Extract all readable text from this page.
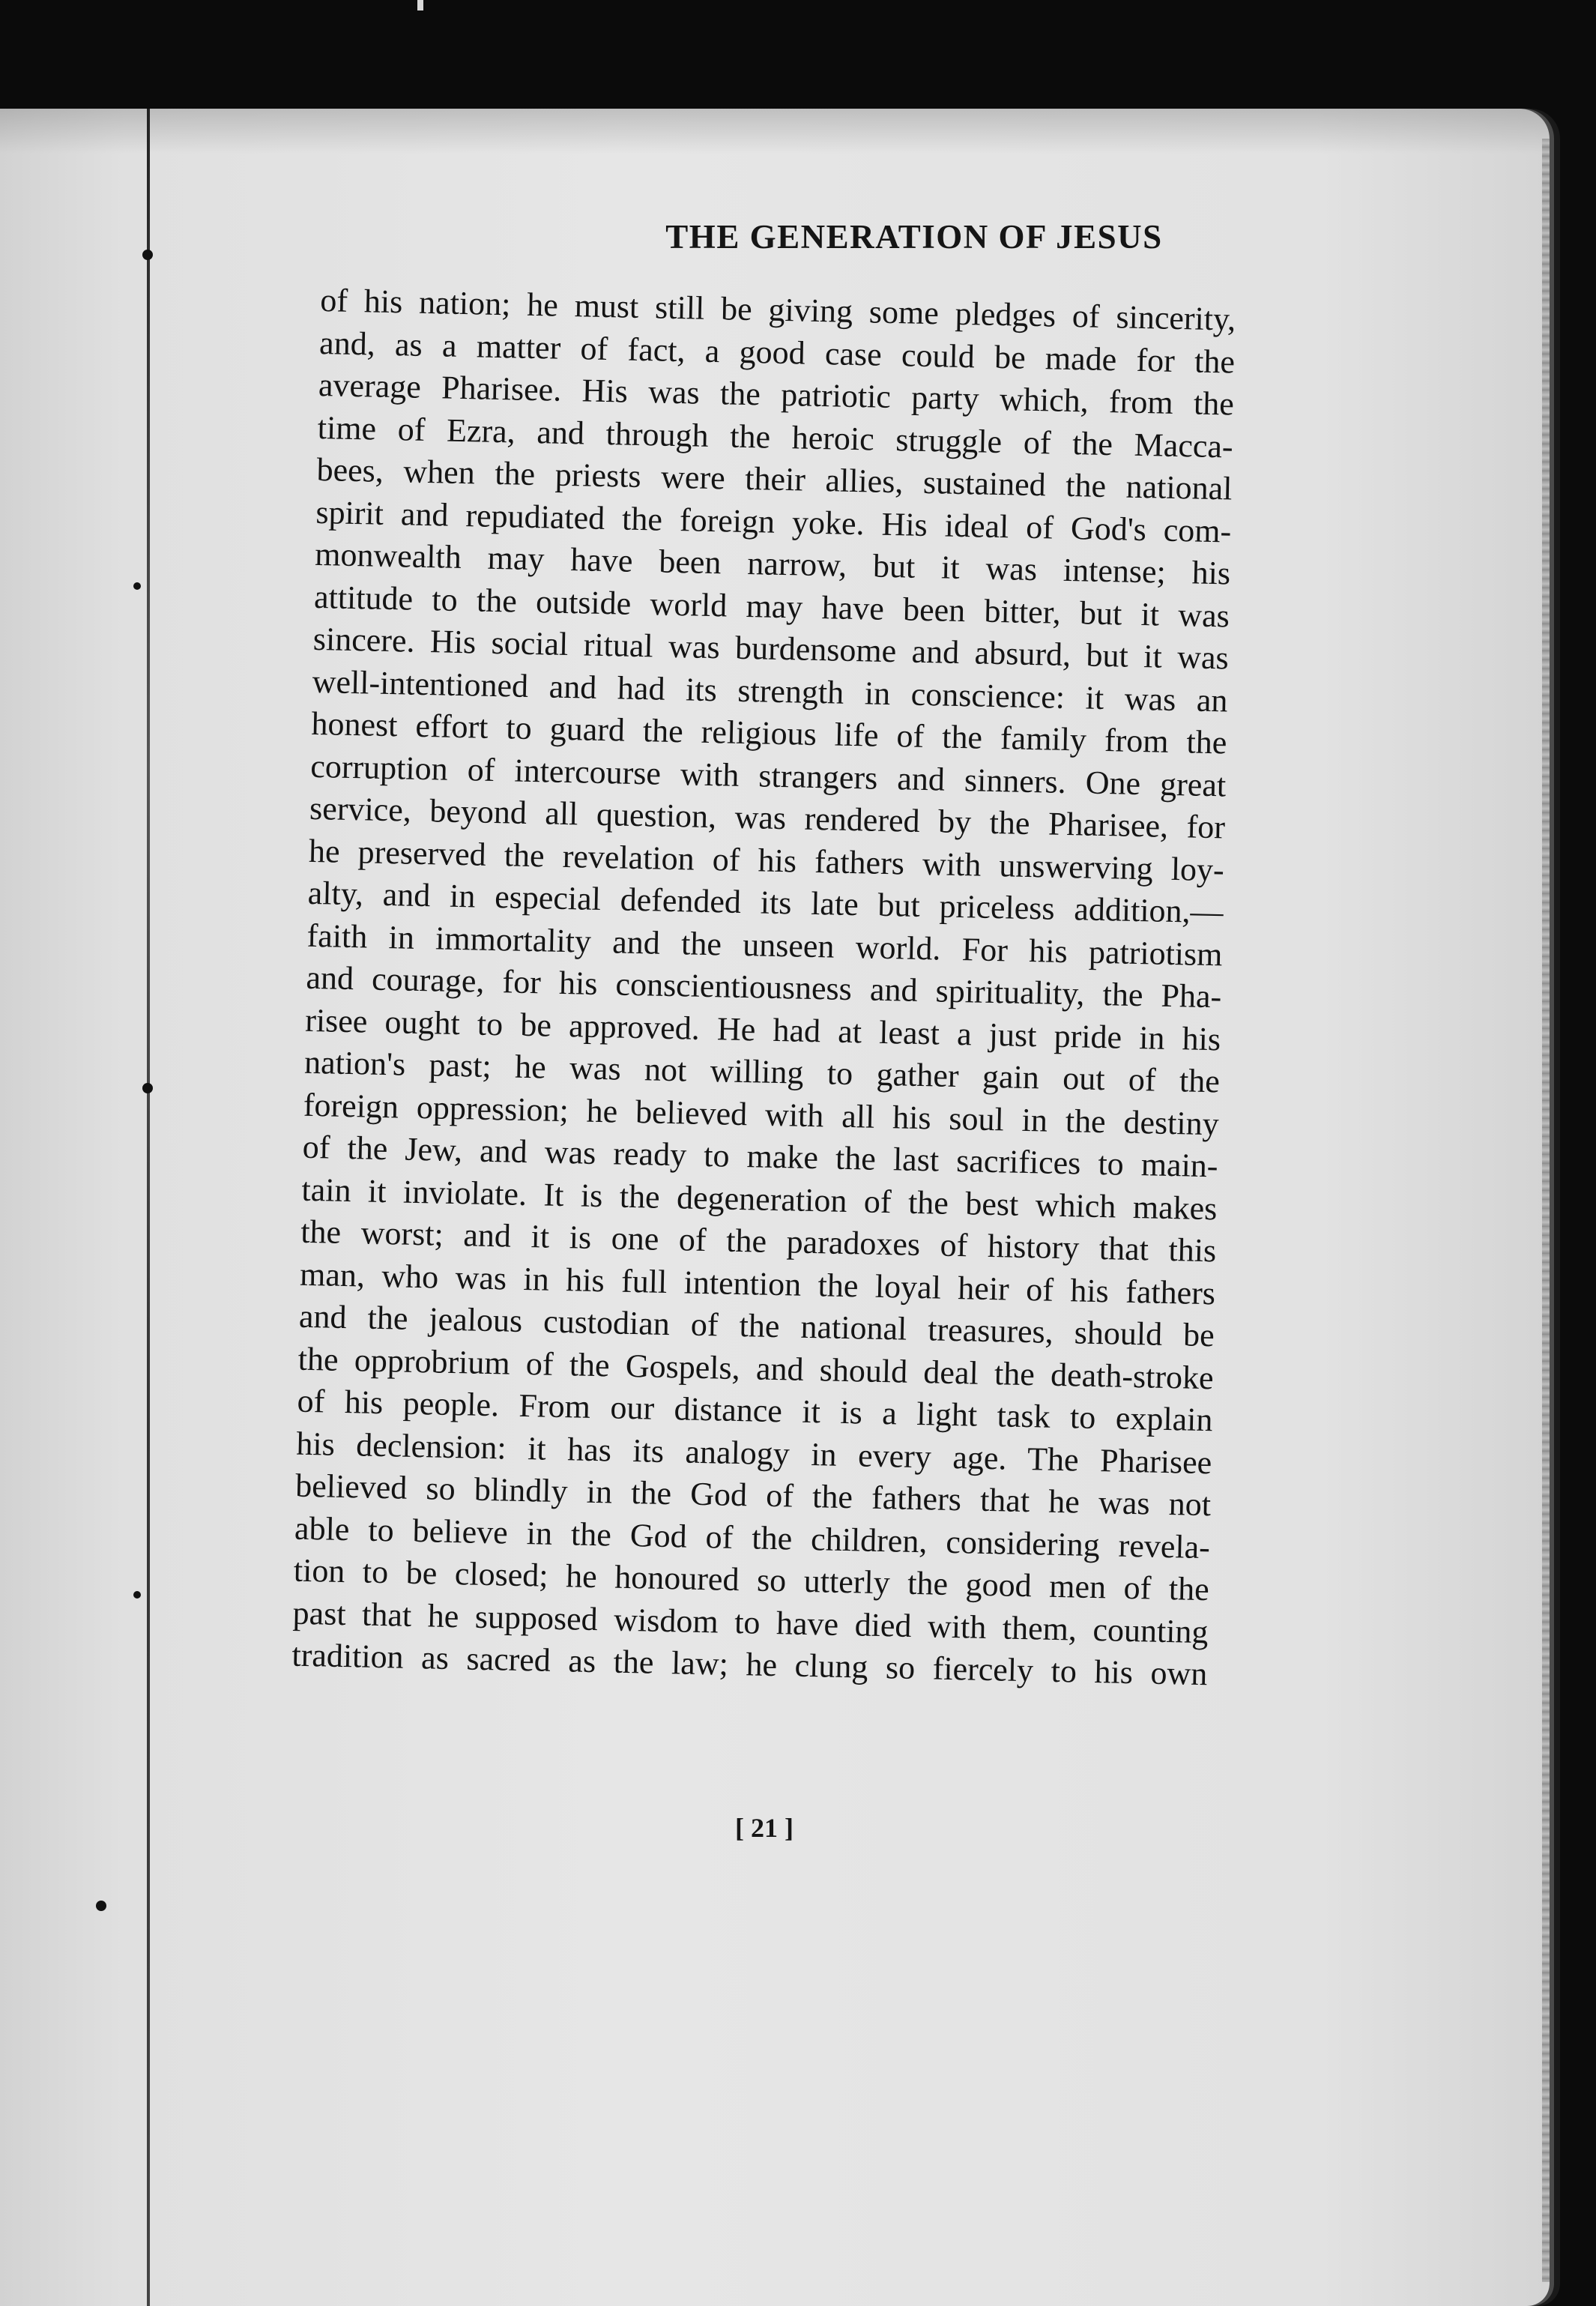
THE GENERATION OF JESUS
of his nation; he must still be giving some pledges of sincerity,
and, as a matter of fact, a good case could be made for the
average Pharisee. His was the patriotic party which, from the
time of Ezra, and through the heroic struggle of the Macca-
bees, when the priests were their allies, sustained the national
spirit and repudiated the foreign yoke. His ideal of God's com-
monwealth may have been narrow, but it was intense; his
attitude to the outside world may have been bitter, but it was
sincere. His social ritual was burdensome and absurd, but it was
well-intentioned and had its strength in conscience: it was an
honest effort to guard the religious life of the family from the
corruption of intercourse with strangers and sinners. One great
service, beyond all question, was rendered by the Pharisee, for
he preserved the revelation of his fathers with unswerving loy-
alty, and in especial defended its late but priceless addition,—
faith in immortality and the unseen world. For his patriotism
and courage, for his conscientiousness and spirituality, the Pha-
risee ought to be approved. He had at least a just pride in his
nation's past; he was not willing to gather gain out of the
foreign oppression; he believed with all his soul in the destiny
of the Jew, and was ready to make the last sacrifices to main-
tain it inviolate. It is the degeneration of the best which makes
the worst; and it is one of the paradoxes of history that this
man, who was in his full intention the loyal heir of his fathers
and the jealous custodian of the national treasures, should be
the opprobrium of the Gospels, and should deal the death-stroke
of his people. From our distance it is a light task to explain
his declension: it has its analogy in every age. The Pharisee
believed so blindly in the God of the fathers that he was not
able to believe in the God of the children, considering revela-
tion to be closed; he honoured so utterly the good men of the
past that he supposed wisdom to have died with them, counting
tradition as sacred as the law; he clung so fiercely to his own
[ 21 ]
